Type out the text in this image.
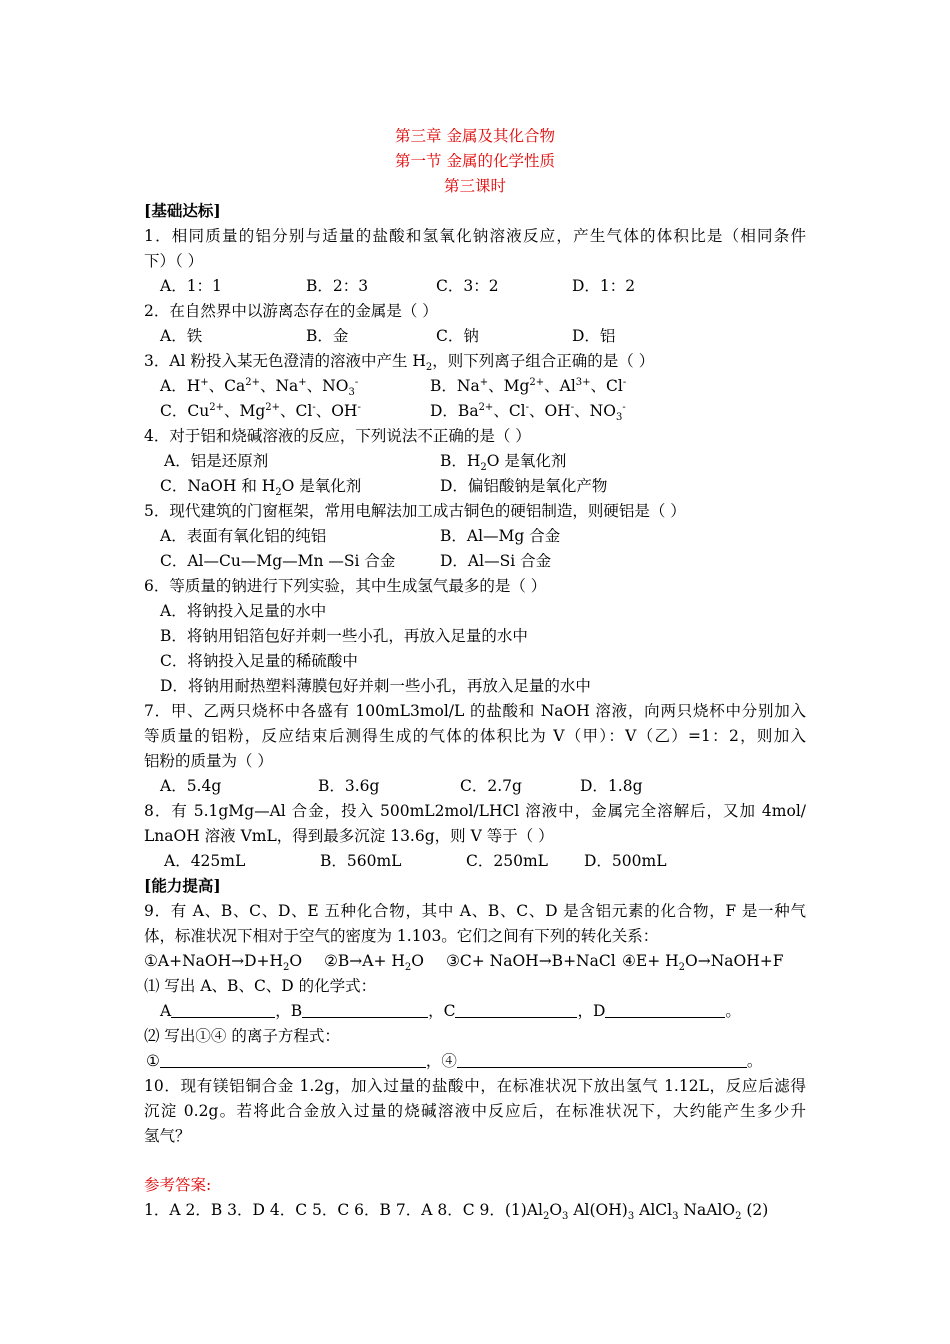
第三章 金属及其化合物
第一节 金属的化学性质
第三课时
[基础达标]
1．相同质量的铝分别与适量的盐酸和氢氧化钠溶液反应，产生气体的体积比是（相同条件
下）（ ）
A．1：1	B．2：3	C．3：2	D．1：2
2．在自然界中以游离态存在的金属是（ ）
A．铁	B．金	C．钠	D．铝
3．Al 粉投入某无色澄清的溶液中产生 $H_2$，则下列离子组合正确的是（ ）
A．H+、$Ca^{2+}$、Na+、$NO_3^-$	B．Na+、$Mg^{2+}$、$Al^{3+}$、Cl-
C．$Cu^{2+}$、$Mg^{2+}$、Cl-、OH-	D．$Ba^{2+}$、Cl-、OH-、$NO_3^-$
4．对于铝和烧碱溶液的反应，下列说法不正确的是（ ）
A．铝是还原剂	B．$H_2O$ 是氧化剂
C．NaOH 和 $H_2O$ 是氧化剂	D．偏铝酸钠是氧化产物
5．现代建筑的门窗框架，常用电解法加工成古铜色的硬铝制造，则硬铝是（ ）
A．表面有氧化铝的纯铝	B．Al—Mg 合金
C．Al—Cu—Mg—Mn —Si 合金	D．Al—Si 合金
6．等质量的钠进行下列实验，其中生成氢气最多的是（ ）
A．将钠投入足量的水中
B．将钠用铝箔包好并刺一些小孔，再放入足量的水中
C．将钠投入足量的稀硫酸中
D．将钠用耐热塑料薄膜包好并刺一些小孔，再放入足量的水中
7．甲、乙两只烧杯中各盛有 100mL3mol/L 的盐酸和 NaOH 溶液，向两只烧杯中分别加入
等质量的铝粉，反应结束后测得生成的气体的体积比为 V（甲）：V（乙）=1：2，则加入
铝粉的质量为（ ）
A．5.4g	B．3.6g	C．2.7g	D．1.8g
8．有 5.1gMg—Al 合金，投入 500mL2mol/LHCl 溶液中，金属完全溶解后，又加 4mol/
LnaOH 溶液 VmL，得到最多沉淀 13.6g，则 V 等于（ ）
A．425mL	B．560mL	C．250mL D．500mL
[能力提高]
9．有 A、B、C、D、E 五种化合物，其中 A、B、C、D 是含铝元素的化合物，F 是一种气
体，标准状况下相对于空气的密度为 1.103。它们之间有下列的转化关系：
$①A+NaOH\to D+H_2O$ ②B→A+ $H_2O$ ③C+ NaOH→B+NaCl ④E+ $H_2O\to NaOH+F$
⑴ 写出 A、B、C、D 的化学式：
A	，B	，C	，D	。
⑵ 写出①④ 的离子方程式：
①	，④	。
10．现有镁铝铜合金 1.2g，加入过量的盐酸中，在标准状况下放出氢气 1.12L，反应后滤得
沉淀 0.2g。若将此合金放入过量的烧碱溶液中反应后，在标准状况下，大约能产生多少升
氢气？
参考答案:
1．A 2．B 3．D 4．C 5．C 6．B 7．A 8．C 9．$(1)Al_2O_3$ $Al(OH)_3$ AlCl$_3$ NaAlO$_2$ (2)
